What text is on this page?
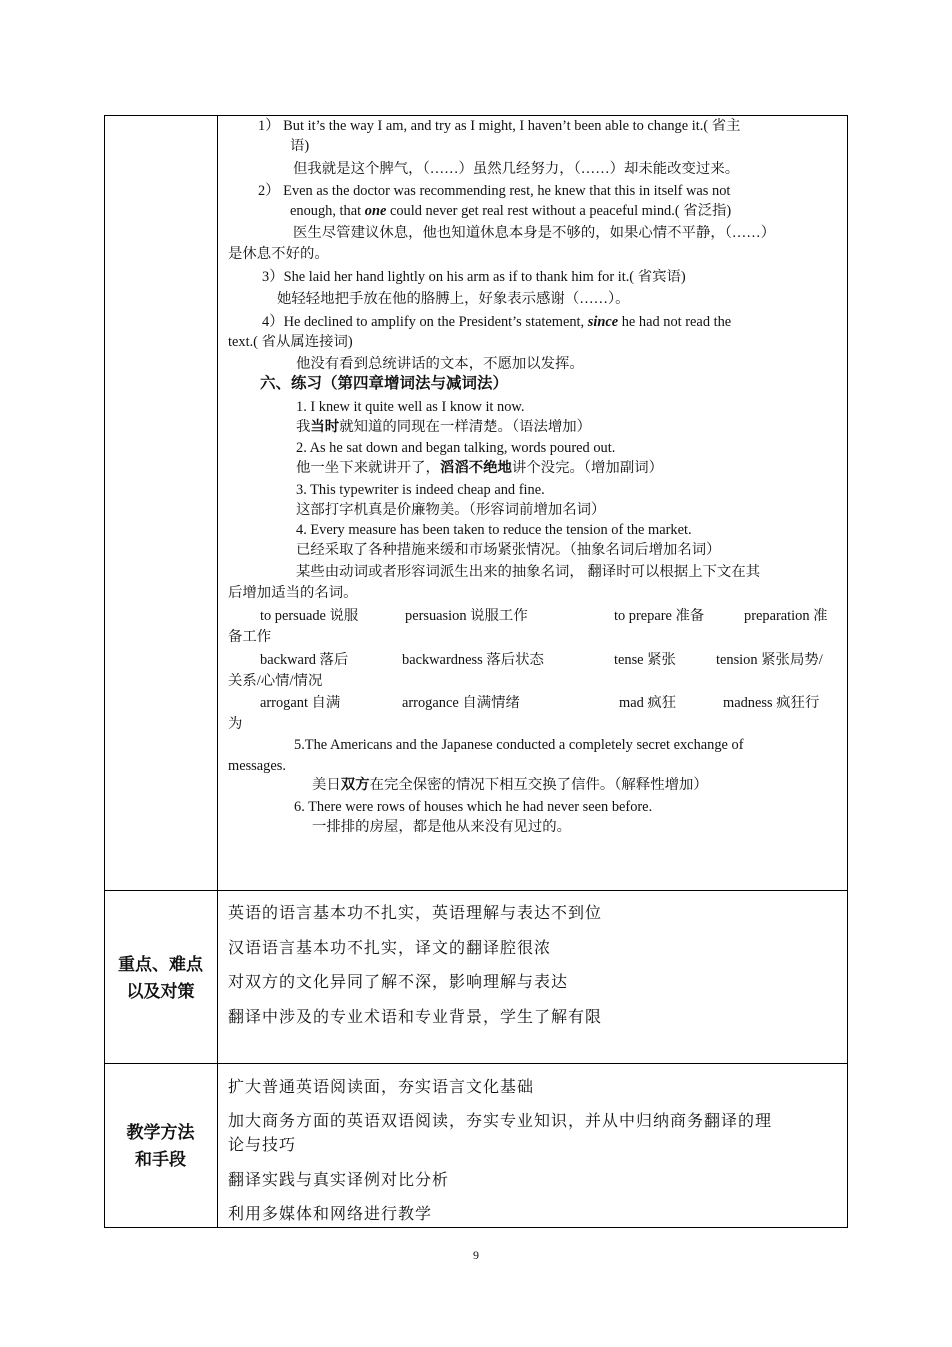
1） But it’s the way I am, and try as I might, I haven’t been able to change it.( 省主
语)
但我就是这个脾气，（……）虽然几经努力，（……）却未能改变过来。
2） Even as the doctor was recommending rest, he knew that this in itself was not
enough, that one could never get real rest without a peaceful mind.( 省泛指)
医生尽管建议休息，他也知道休息本身是不够的，如果心情不平静，（……）
是休息不好的。
3）She laid her hand lightly on his arm as if to thank him for it.( 省宾语)
她轻轻地把手放在他的胳膊上，好象表示感谢（……）。
4）He declined to amplify on the President’s statement, since he had not read the
text.( 省从属连接词)
他没有看到总统讲话的文本，不愿加以发挥。
六、练习（第四章增词法与减词法）
1. I knew it quite well as I know it now.
我当时就知道的同现在一样清楚。（语法增加）
2. As he sat down and began talking, words poured out.
他一坐下来就讲开了，滔滔不绝地讲个没完。（增加副词）
3. This typewriter is indeed cheap and fine.
这部打字机真是价廉物美。（形容词前增加名词）
4. Every measure has been taken to reduce the tension of the market.
已经采取了各种措施来缓和市场紧张情况。（抽象名词后增加名词）
某些由动词或者形容词派生出来的抽象名词， 翻译时可以根据上下文在其
后增加适当的名词。
to persuade 说服	persuasion 说服工作	to prepare 准备	preparation 准
备工作
backward 落后	backwardness 落后状态	tense 紧张	tension 紧张局势/
关系/心情/情况
arrogant 自满	arrogance 自满情绪	mad 疯狂	madness 疯狂行
为
5.The Americans and the Japanese conducted a completely secret exchange of
messages.
美日双方在完全保密的情况下相互交换了信件。（解释性增加）
6. There were rows of houses which he had never seen before.
一排排的房屋，都是他从来没有见过的。
重点、难点
以及对策
英语的语言基本功不扎实，英语理解与表达不到位
汉语语言基本功不扎实，译文的翻译腔很浓
对双方的文化异同了解不深，影响理解与表达
翻译中涉及的专业术语和专业背景，学生了解有限
教学方法
和手段
扩大普通英语阅读面，夯实语言文化基础
加大商务方面的英语双语阅读，夯实专业知识，并从中归纳商务翻译的理
论与技巧
翻译实践与真实译例对比分析
利用多媒体和网络进行教学
9
